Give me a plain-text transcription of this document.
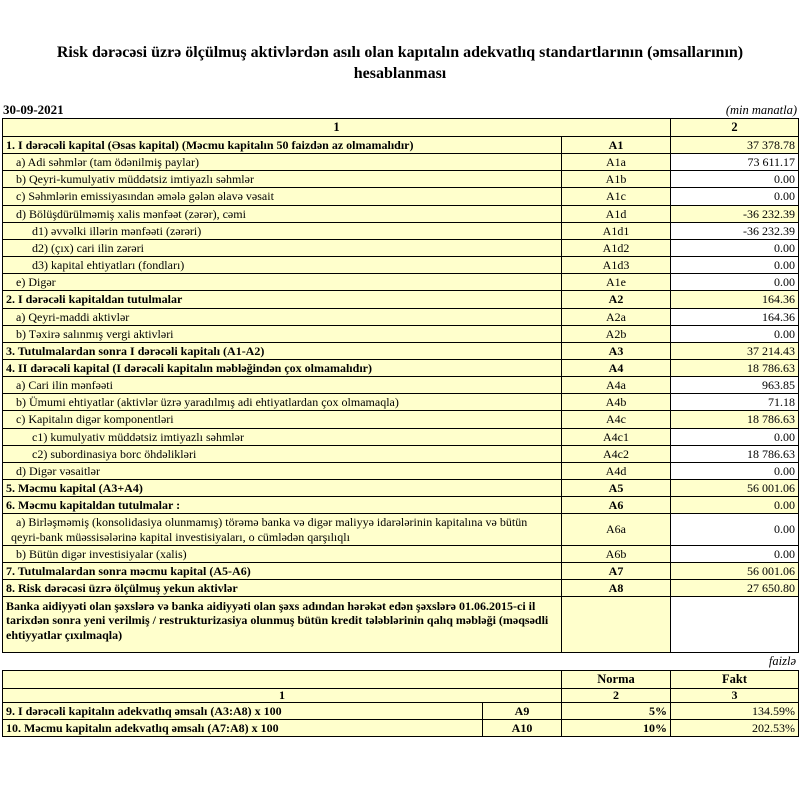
Risk dərəcəsi üzrə ölçülmuş aktivlərdən asılı olan kapıtalın adekvatlıq standartlarının (əmsallarının) hesablanması
30-09-2021	(min manatla)
1		2
1. I dərəcəli kapital (Əsas kapital) (Məcmu kapitalın 50 faizdən az olmamalıdır)	A1	37 378.78
a) Adi səhmlər (tam ödənilmiş paylar)	A1a	73 611.17
b) Qeyri-kumulyativ müddətsiz imtiyazlı səhmlər	A1b	0.00
c) Səhmlərin emissiyasından əmələ gələn əlavə vəsait	A1c	0.00
d) Bölüşdürülməmiş xalis mənfəət (zərər), cəmi	A1d	-36 232.39
d1) əvvəlki illərin mənfəəti (zərəri)	A1d1	-36 232.39
d2) (çıx) cari ilin zərəri	A1d2	0.00
d3) kapital ehtiyatları (fondları)	A1d3	0.00
e) Digər	A1e	0.00
2. I dərəcəli kapitaldan tutulmalar	A2	164.36
a) Qeyri-maddi aktivlər	A2a	164.36
b) Təxirə salınmış vergi aktivləri	A2b	0.00
3. Tutulmalardan sonra I dərəcəli kapitalı (A1-A2)	A3	37 214.43
4. II dərəcəli kapital (I dərəcəli kapitalın məbləğindən çox olmamalıdır)	A4	18 786.63
a) Cari ilin mənfəəti	A4a	963.85
b) Ümumi ehtiyatlar (aktivlər üzrə yaradılmış adi ehtiyatlardan çox olmamaqla)	A4b	71.18
c) Kapitalın digər komponentləri	A4c	18 786.63
c1) kumulyativ müddətsiz imtiyazlı səhmlər	A4c1	0.00
c2) subordinasiya borc öhdəlikləri	A4c2	18 786.63
d) Digər vəsaitlər	A4d	0.00
5. Məcmu kapital (A3+A4)	A5	56 001.06
6. Məcmu kapitaldan tutulmalar :	A6	0.00
a) Birləşməmiş (konsolidasiya olunmamış) törəmə banka və digər maliyyə idarələrinin kapitalına və bütün qeyri-bank müəssisələrinə kapital investisiyaları, o cümlədən qarşılıqlı	A6a	0.00
b) Bütün digər investisiyalar (xalis)	A6b	0.00
7. Tutulmalardan sonra məcmu kapital (A5-A6)	A7	56 001.06
8. Risk dərəcəsi üzrə ölçülmuş yekun aktivlər	A8	27 650.80
Banka aidiyyəti olan şəxslərə və banka aidiyyəti olan şəxs adından hərəkət edən şəxslərə 01.06.2015-ci il tarixdən sonra yeni verilmiş / restrukturizasiya olunmuş bütün kredit tələblərinin qalıq məbləği (məqsədli ehtiyyatlar çıxılmaqla)		
faizlə
		Norma	Fakt
1		2	3
9. I dərəcəli kapitalın adekvatlıq əmsalı (A3:A8) x 100	A9	5%	134.59%
10. Məcmu kapitalın adekvatlıq əmsalı (A7:A8) x 100	A10	10%	202.53%
